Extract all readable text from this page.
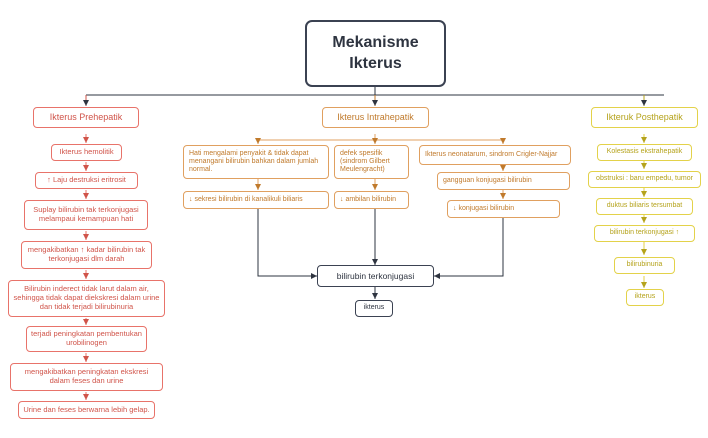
Mekanisme Ikterus
Ikterus Prehepatik
Ikterus hemolitik
↑ Laju destruksi eritrosit
Suplay bilirubin tak terkonjugasi melampaui kemampuan hati
mengakibatkan ↑ kadar bilirubin tak terkonjugasi dlm darah
Bilirubin inderect tidak larut dalam air, sehingga tidak dapat diekskresi dalam urine dan tidak terjadi bilirubinuria
terjadi peningkatan pembentukan urobilinogen
mengakibatkan peningkatan ekskresi dalam feses dan urine
Urine dan feses berwarna lebih gelap.
Ikterus Intrahepatik
Hati mengalami penyakit & tidak dapat menangani bilirubin bahkan dalam jumlah normal.
↓ sekresi bilirubin di kanalikuli biliaris
defek spesifik (sindrom Gilbert Meulengracht)
↓ ambilan bilirubin
Ikterus neonatarum, sindrom Crigler-Najjar
gangguan konjugasi bilirubin
↓ konjugasi bilirubin
bilirubin terkonjugasi
ikterus
Ikteruk Posthepatik
Kolestasis ekstrahepatik
obstruksi : baru empedu, tumor
duktus biliaris tersumbat
bilirubin terkonjugasi ↑
bilirubinuria
ikterus
